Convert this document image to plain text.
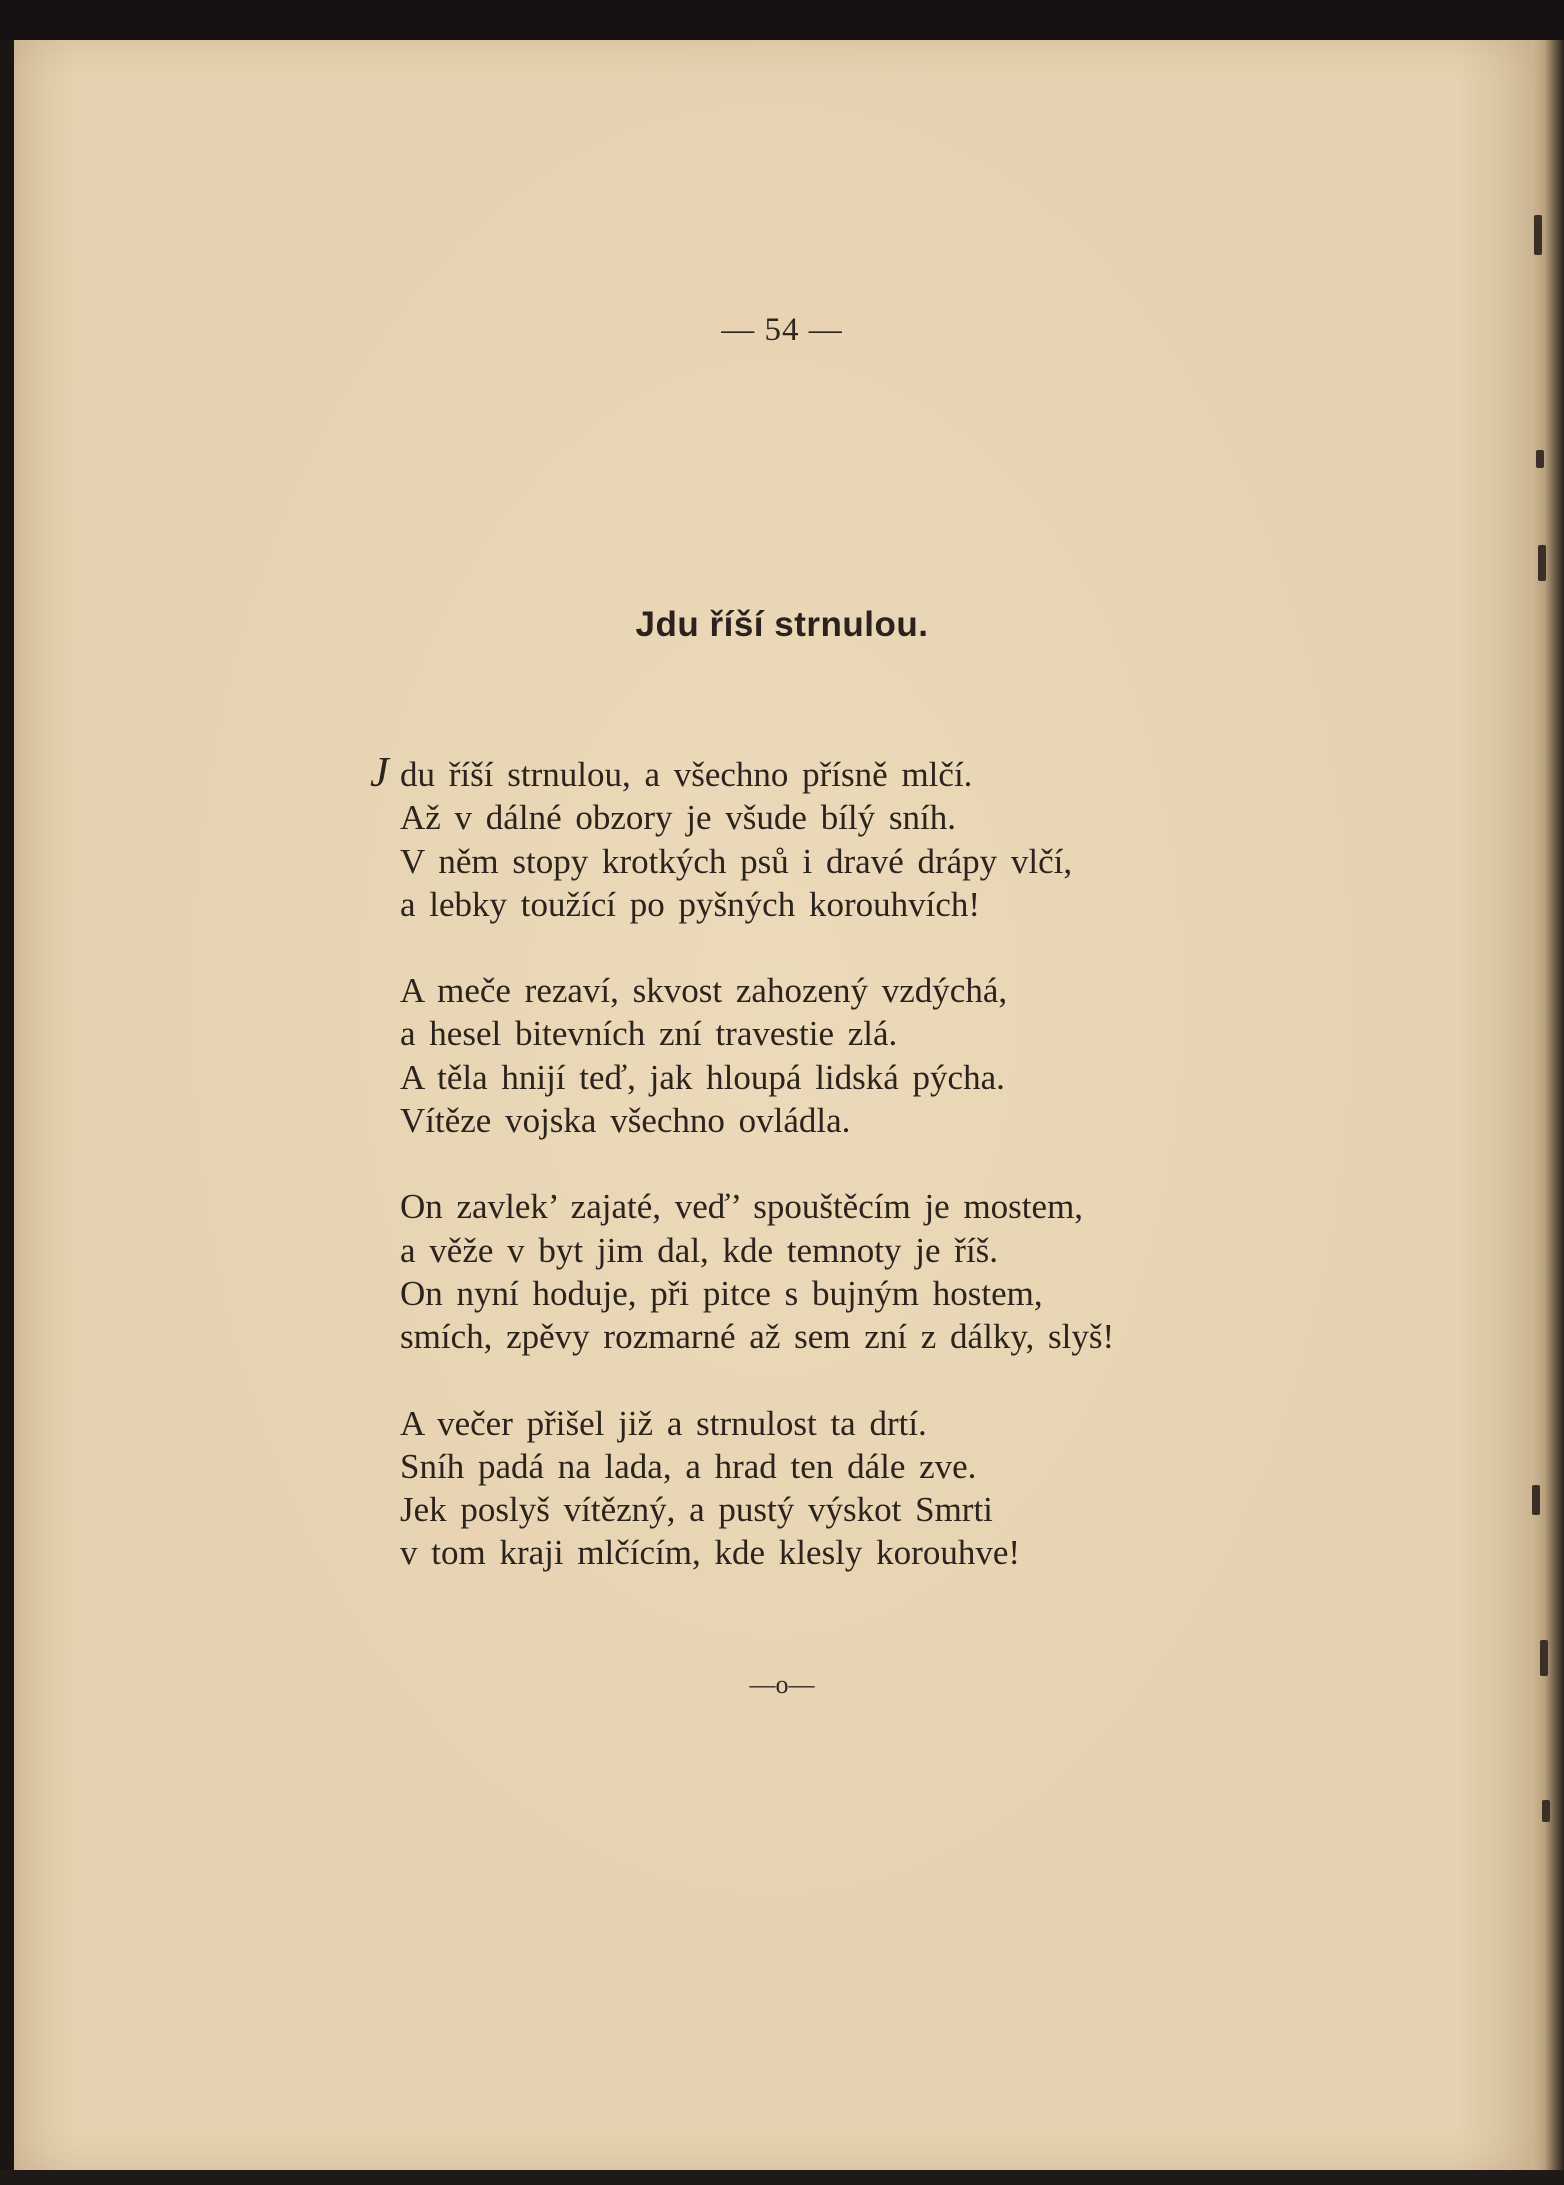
— 54 —
Jdu říší strnulou.
J du říší strnulou, a všechno přísně mlčí.
Až v dálné obzory je všude bílý sníh.
V něm stopy krotkých psů i dravé drápy vlčí,
a lebky toužící po pyšných korouhvích!
A meče rezaví, skvost zahozený vzdýchá,
a hesel bitevních zní travestie zlá.
A těla hnijí teď, jak hloupá lidská pýcha.
Vítěze vojska všechno ovládla.
On zavlek’ zajaté, veď’ spouštěcím je mostem,
a věže v byt jim dal, kde temnoty je říš.
On nyní hoduje, při pitce s bujným hostem,
smích, zpěvy rozmarné až sem zní z dálky, slyš!
A večer přišel již a strnulost ta drtí.
Sníh padá na lada, a hrad ten dále zve.
Jek poslyš vítězný, a pustý výskot Smrti
v tom kraji mlčícím, kde klesly korouhve!
—o—
